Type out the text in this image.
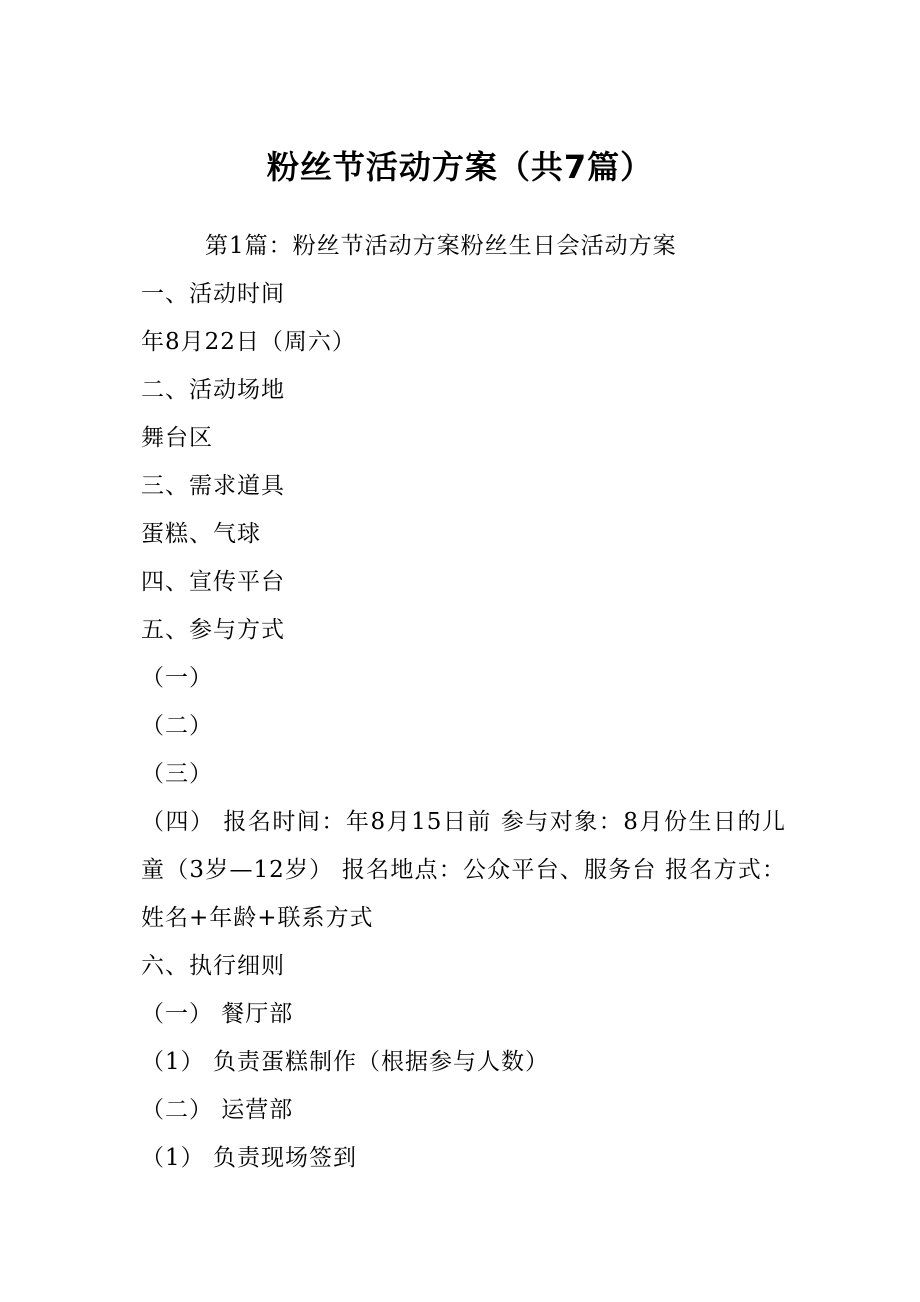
粉丝节活动方案（共7篇）
第1篇：粉丝节活动方案粉丝生日会活动方案
一、活动时间
年8月22日（周六）
二、活动场地
舞台区
三、需求道具
蛋糕、气球
四、宣传平台
五、参与方式
（一）
（二）
（三）
（四） 报名时间：年8月15日前 参与对象：8月份生日的儿童（3岁—12岁） 报名地点：公众平台、服务台 报名方式：姓名+年龄+联系方式
六、执行细则
（一） 餐厅部
（1） 负责蛋糕制作（根据参与人数）
（二） 运营部
（1） 负责现场签到
